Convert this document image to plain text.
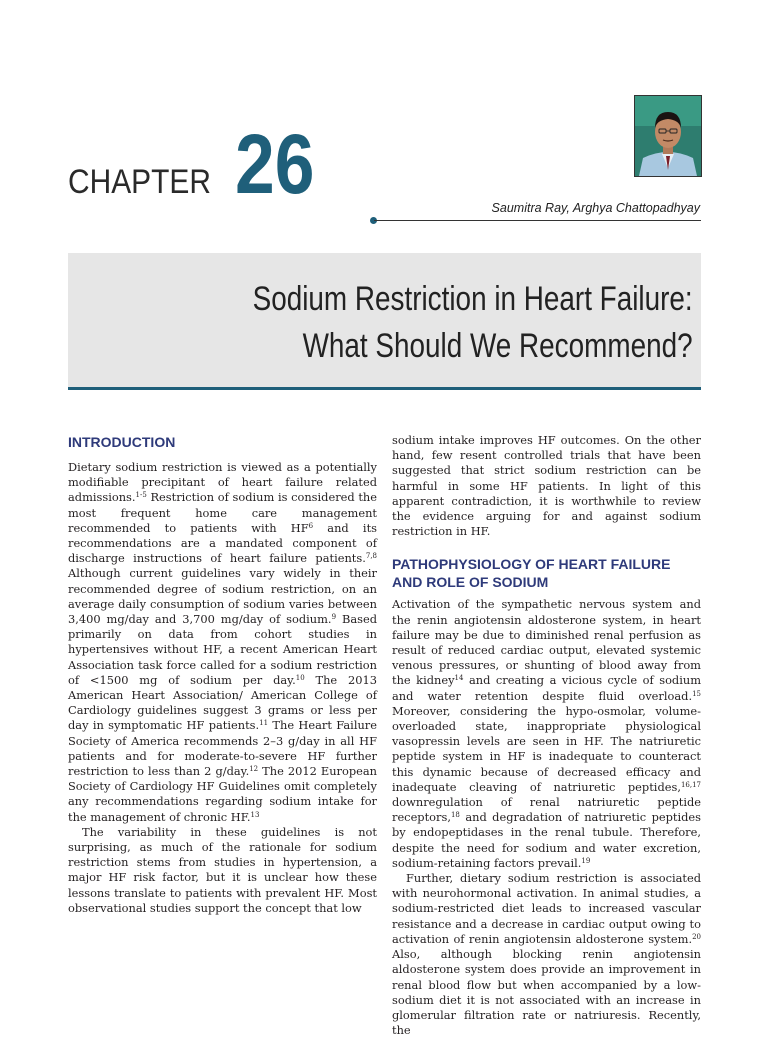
CHAPTER 26	Saumitra Ray, Arghya Chattopadhyay
Sodium Restriction in Heart Failure:
What Should We Recommend?
INTRODUCTION

Dietary sodium restriction is viewed as a potentially modifiable precipitant of heart failure related admissions.$^{1-5}$ Restriction of sodium is considered the most frequent home care management recommended to patients with $HF^6$ and its recommendations are a mandated component of discharge instructions of heart failure patients.$^{7,8}$ Although current guidelines vary widely in their recommended degree of sodium restriction, on an average daily consumption of sodium varies between 3,400 mg/day and 3,700 mg/day of sodium.$^9$ Based primarily on data from cohort studies in hypertensives without HF, a recent American Heart Association task force called for a sodium restriction of <1500 mg of sodium per day.$^{10}$ The 2013 American Heart Association/ American College of Cardiology guidelines suggest 3 grams or less per day in symptomatic HF patients.$^{11}$ The Heart Failure Society of America recommends 2–3 g/day in all HF patients and for moderate-to-severe HF further restriction to less than 2 g/day.$^{12}$ The 2012 European Society of Cardiology HF Guidelines omit completely any recommendations regarding sodium intake for the management of chronic HF.$^{13}$

The variability in these guidelines is not surprising, as much of the rationale for sodium restriction stems from studies in hypertension, a major HF risk factor, but it is unclear how these lessons translate to patients with prevalent HF. Most observational studies support the concept that low

sodium intake improves HF outcomes. On the other hand, few resent controlled trials that have been suggested that strict sodium restriction can be harmful in some HF patients. In light of this apparent contradiction, it is worthwhile to review the evidence arguing for and against sodium restriction in HF.

PATHOPHYSIOLOGY OF HEART FAILURE
AND ROLE OF SODIUM

Activation of the sympathetic nervous system and the renin angiotensin aldosterone system, in heart failure may be due to diminished renal perfusion as result of reduced cardiac output, elevated systemic venous pressures, or shunting of blood away from the kidney$^{14}$ and creating a vicious cycle of sodium and water retention despite fluid overload.$^{15}$ Moreover, considering the hypo-osmolar, volume-overloaded state, inappropriate physiological vasopressin levels are seen in HF. The natriuretic peptide system in HF is inadequate to counteract this dynamic because of decreased efficacy and inadequate cleaving of natriuretic peptides,$^{16,17}$ downregulation of renal natriuretic peptide receptors,$^{18}$ and degradation of natriuretic peptides by endopeptidases in the renal tubule. Therefore, despite the need for sodium and water excretion, sodium-retaining factors prevail.$^{19}$

Further, dietary sodium restriction is associated with neurohormonal activation. In animal studies, a sodium-restricted diet leads to increased vascular resistance and a decrease in cardiac output owing to activation of renin angiotensin aldosterone system.$^{20}$ Also, although blocking renin angiotensin aldosterone system does provide an improvement in renal blood flow but when accompanied by a low-sodium diet it is not associated with an increase in glomerular filtration rate or natriuresis. Recently, the
